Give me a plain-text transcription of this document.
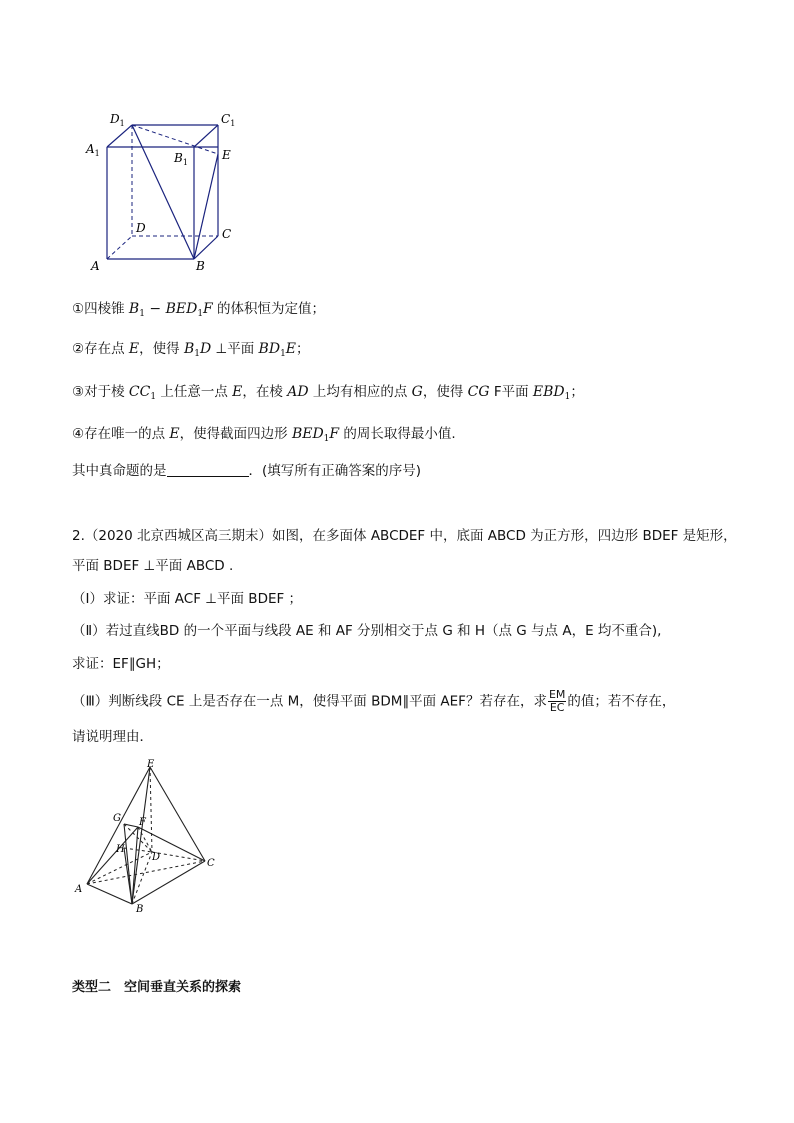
$D_1$	$C_1$
$A_1$	$B_1$
E
D	C
A	B
①四棱锥 $B_1 - BED_1F$ 的体积恒为定值；
②存在点 E，使得 $B_1D$ ⊥平面 $BD_1E$；
③对于棱 $CC_1$ 上任意一点 E，在棱 AD 上均有相应的点 G，使得 CG F平面 $EBD_1$；
④存在唯一的点 E，使得截面四边形 $BED_1F$ 的周长取得最小值.
其中真命题的是	．(填写所有正确答案的序号)
2.（2020 北京西城区高三期末）如图，在多面体 ABCDEF 中，底面 ABCD 为正方形，四边形 BDEF 是矩形，
平面 BDEF ⊥平面 ABCD .
（Ⅰ）求证：平面 ACF ⊥平面 BDEF ；
（Ⅱ）若过直线BD 的一个平面与线段 AE 和 AF 分别相交于点 G 和 H（点 G 与点 A，E 均不重合),
求证：EF∥GH；
（Ⅲ）判断线段 CE 上是否存在一点 M，使得平面 BDM∥平面 AEF？若存在，求 $\frac{EM}{EC}$ 的值；若不存在，
请说明理由．
E
G F
H
D
C
A
B
类型二　空间垂直关系的探索
